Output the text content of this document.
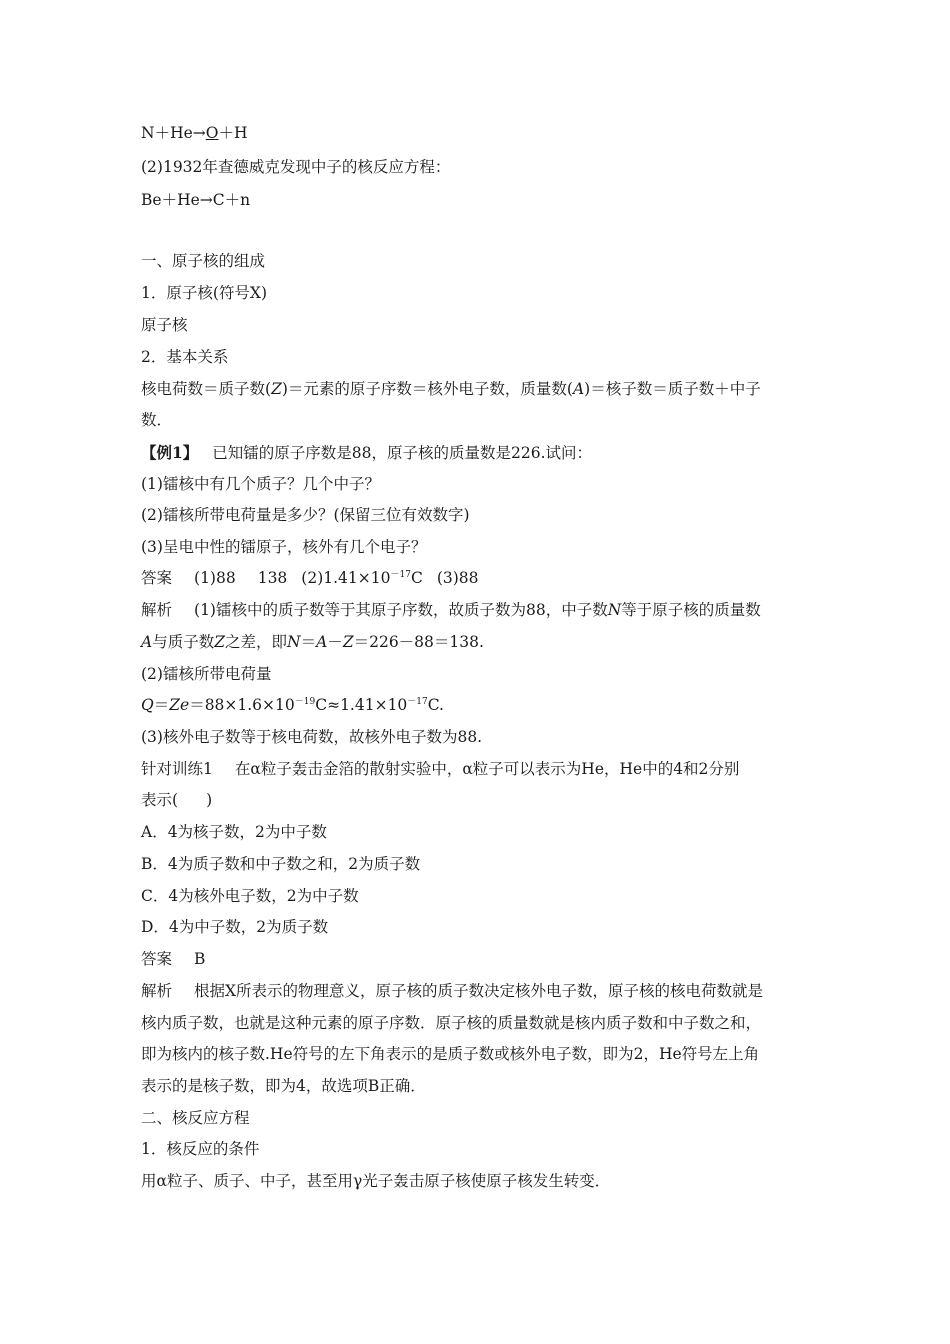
N＋He→O＋H
(2)1932年查德威克发现中子的核反应方程：
Be＋He→C＋n
一、原子核的组成
1．原子核(符号X)
原子核
2．基本关系
核电荷数＝质子数(Z)＝元素的原子序数＝核外电子数，质量数(A)＝核子数＝质子数＋中子
数．
【例1】 已知镭的原子序数是88，原子核的质量数是226.试问：
(1)镭核中有几个质子？几个中子？
(2)镭核所带电荷量是多少？(保留三位有效数字)
(3)呈电中性的镭原子，核外有几个电子？
答案 (1)88 138 $(2)1.41\times 10^{-17}C$ (3)88
解析 (1)镭核中的质子数等于其原子序数，故质子数为88，中子数N等于原子核的质量数
A与质子数Z之差，即N＝A－Z＝226－88＝138.
(2)镭核所带电荷量
$Q=Ze=88\times 1.6\times 10^{-19}C\approx 1.41\times 10^{-17}C$.
(3)核外电子数等于核电荷数，故核外电子数为88.
针对训练1 在α粒子轰击金箔的散射实验中，α粒子可以表示为He，He中的4和2分别
表示( )
A．4为核子数，2为中子数
B．4为质子数和中子数之和，2为质子数
C．4为核外电子数，2为中子数
D．4为中子数，2为质子数
答案 B
解析 根据X所表示的物理意义，原子核的质子数决定核外电子数，原子核的核电荷数就是
核内质子数，也就是这种元素的原子序数．原子核的质量数就是核内质子数和中子数之和，
即为核内的核子数.He符号的左下角表示的是质子数或核外电子数，即为2，He符号左上角
表示的是核子数，即为4，故选项B正确．
二、核反应方程
1．核反应的条件
用α粒子、质子、中子，甚至用γ光子轰击原子核使原子核发生转变．
